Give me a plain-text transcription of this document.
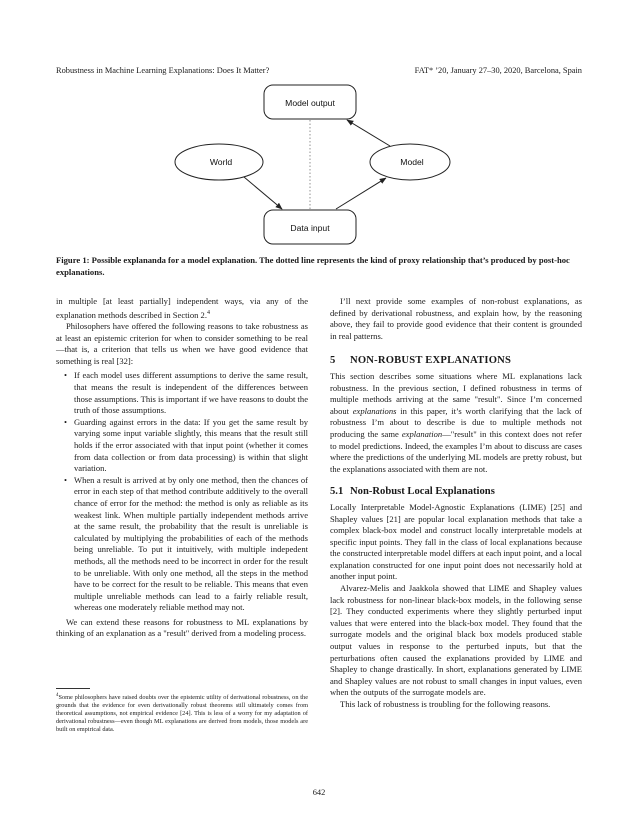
Robustness in Machine Learning Explanations: Does It Matter?	FAT* ’20, January 27–30, 2020, Barcelona, Spain
Model output
World	Model
Data input
Figure 1: Possible explananda for a model explanation. The dotted line represents the kind of proxy relationship that’s produced by post-hoc explanations.

in multiple [at least partially] independent ways, via any of the explanation methods described in Section 2.$^4$

Philosophers have offered the following reasons to take robustness as at least an epistemic criterion for when to consider something to be real—that is, a criterion that tells us when we have good evidence that something is real [32]:

• If each model uses different assumptions to derive the same result, that means the result is independent of the differences between those assumptions. This is important if we have reasons to doubt the truth of those assumptions.
• Guarding against errors in the data: If you get the same result by varying some input variable slightly, this means that the result still holds if the error associated with that input point (whether it comes from data collection or from data processing) is within that slight variation.
• When a result is arrived at by only one method, then the chances of error in each step of that method contribute additively to the overall chance of error for the method: the method is only as reliable as its weakest link. When multiple partially independent methods arrive at the same result, the probability that the result is unreliable is calculated by multiplying the probabilities of each of the methods being unreliable. To put it intuitively, with multiple indepedent methods, all the methods need to be incorrect in order for the result to be unreliable. With only one method, all the steps in the method have to be correct for the result to be reliable. This means that even multiple unreliable methods can lead to a fairly reliable result, whereas one moderately reliable method may not.

We can extend these reasons for robustness to ML explanations by thinking of an explanation as a "result" derived from a modeling process.

$^4$Some philosophers have raised doubts over the epistemic utility of derivational robustness, on the grounds that the evidence for even derivationally robust theorems still ultimately comes from theoretical assumptions, not empirical evidence [24]. This is less of a worry for my adaptation of derivational robustness—even though ML explanations are derived from models, those models are built on empirical data.

I’ll next provide some examples of non-robust explanations, as defined by derivational robustness, and explain how, by the reasoning above, they fail to provide good evidence that their content is grounded in real patterns.

5 NON-ROBUST EXPLANATIONS

This section describes some situations where ML explanations lack robustness. In the previous section, I defined robustness in terms of multiple methods arriving at the same "result". Since I’m concerned about explanations in this paper, it’s worth clarifying that the lack of robustness I’m about to describe is due to multiple methods not producing the same explanation—"result" in this context does not refer to model predictions. Indeed, the examples I’m about to discuss are cases where the predictions of the underlying ML models are pretty robust, but the explanations associated with them are not.

5.1 Non-Robust Local Explanations

Locally Interpretable Model-Agnostic Explanations (LIME) [25] and Shapley values [21] are popular local explanation methods that take a complex black-box model and construct locally interpretable models at specific input points. They fall in the class of local explanations because the constructed interpretable model differs at each input point, and a local explanation constructed for one input point does not necessarily hold at another input point.

Alvarez-Melis and Jaakkola showed that LIME and Shapley values lack robustness for non-linear black-box models, in the following sense [2]. They conducted experiments where they slightly perturbed input values that were entered into the black-box model. They found that the surrogate models and the original black box models produced stable output values in response to the perturbed inputs, but that the perturbations often caused the explanations provided by LIME and Shapley to change drastically. In short, explanations generated by LIME and Shapley values are not robust to small changes in input values, even when the outputs of the surrogate models are.

This lack of robustness is troubling for the following reasons.

642
